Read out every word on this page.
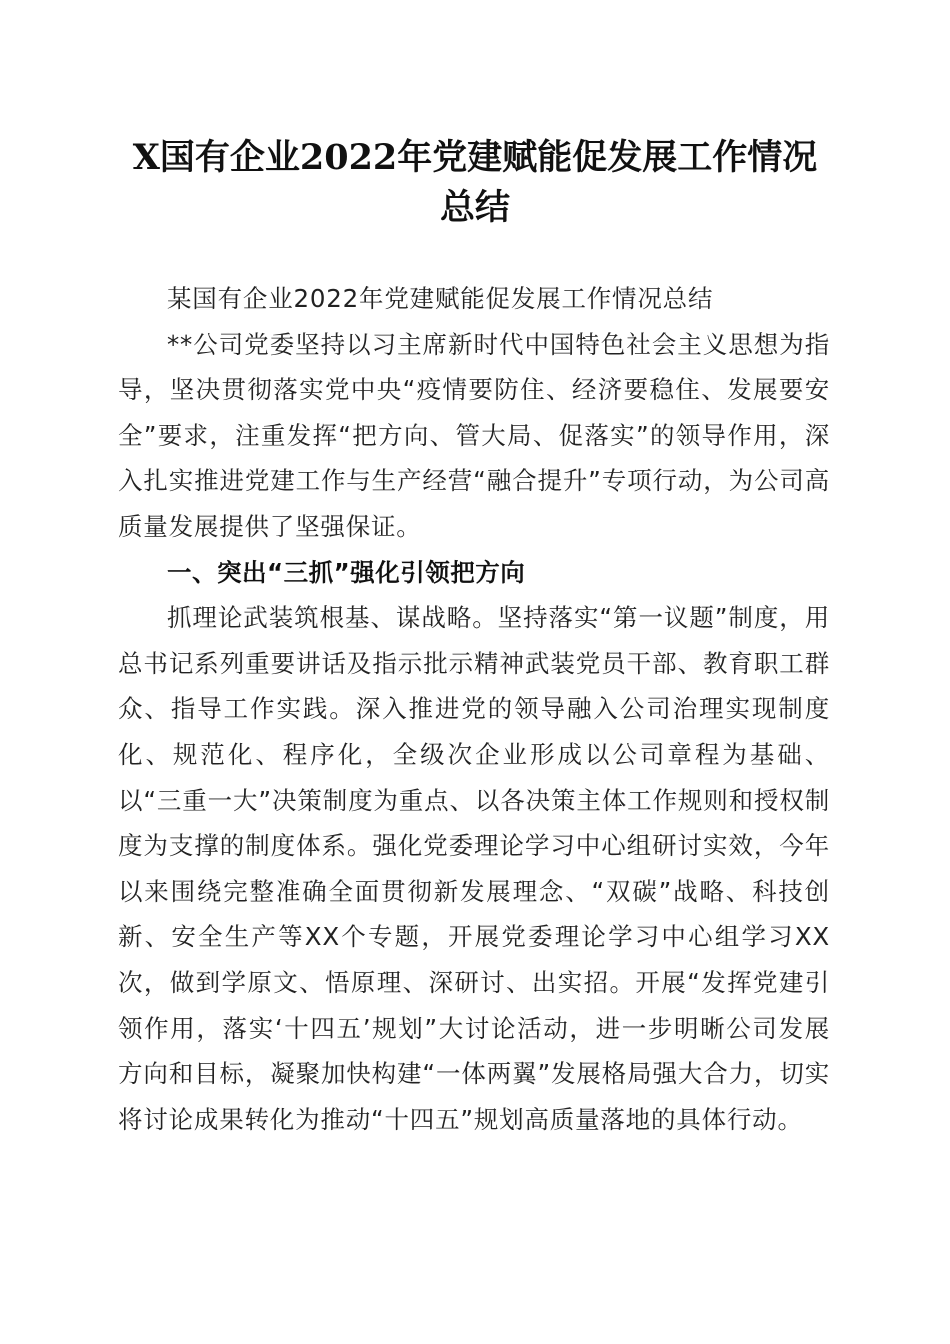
X国有企业2022年党建赋能促发展工作情况
总结

某国有企业2022年党建赋能促发展工作情况总结

**公司党委坚持以习主席新时代中国特色社会主义思想为指导，坚决贯彻落实党中央“疫情要防住、经济要稳住、发展要安全”要求，注重发挥“把方向、管大局、促落实”的领导作用，深入扎实推进党建工作与生产经营“融合提升”专项行动，为公司高质量发展提供了坚强保证。

一、突出“三抓”强化引领把方向

抓理论武装筑根基、谋战略。坚持落实“第一议题”制度，用总书记系列重要讲话及指示批示精神武装党员干部、教育职工群众、指导工作实践。深入推进党的领导融入公司治理实现制度化、规范化、程序化，全级次企业形成以公司章程为基础、以“三重一大”决策制度为重点、以各决策主体工作规则和授权制度为支撑的制度体系。强化党委理论学习中心组研讨实效，今年以来围绕完整准确全面贯彻新发展理念、“双碳”战略、科技创新、安全生产等XX个专题，开展党委理论学习中心组学习XX次，做到学原文、悟原理、深研讨、出实招。开展“发挥党建引领作用，落实‘十四五’规划”大讨论活动，进一步明晰公司发展方向和目标，凝聚加快构建“一体两翼”发展格局强大合力，切实将讨论成果转化为推动“十四五”规划高质量落地的具体行动。
